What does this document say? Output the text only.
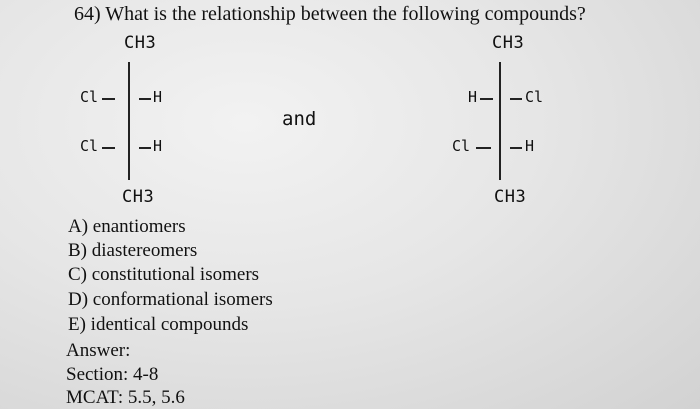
64) What is the relationship between the following compounds?
CH3
Cl	H
Cl	H
CH3
and
CH3
H	Cl
Cl	H
CH3
A) enantiomers
B) diastereomers
C) constitutional isomers
D) conformational isomers
E) identical compounds
Answer:
Section: 4-8
MCAT: 5.5, 5.6
